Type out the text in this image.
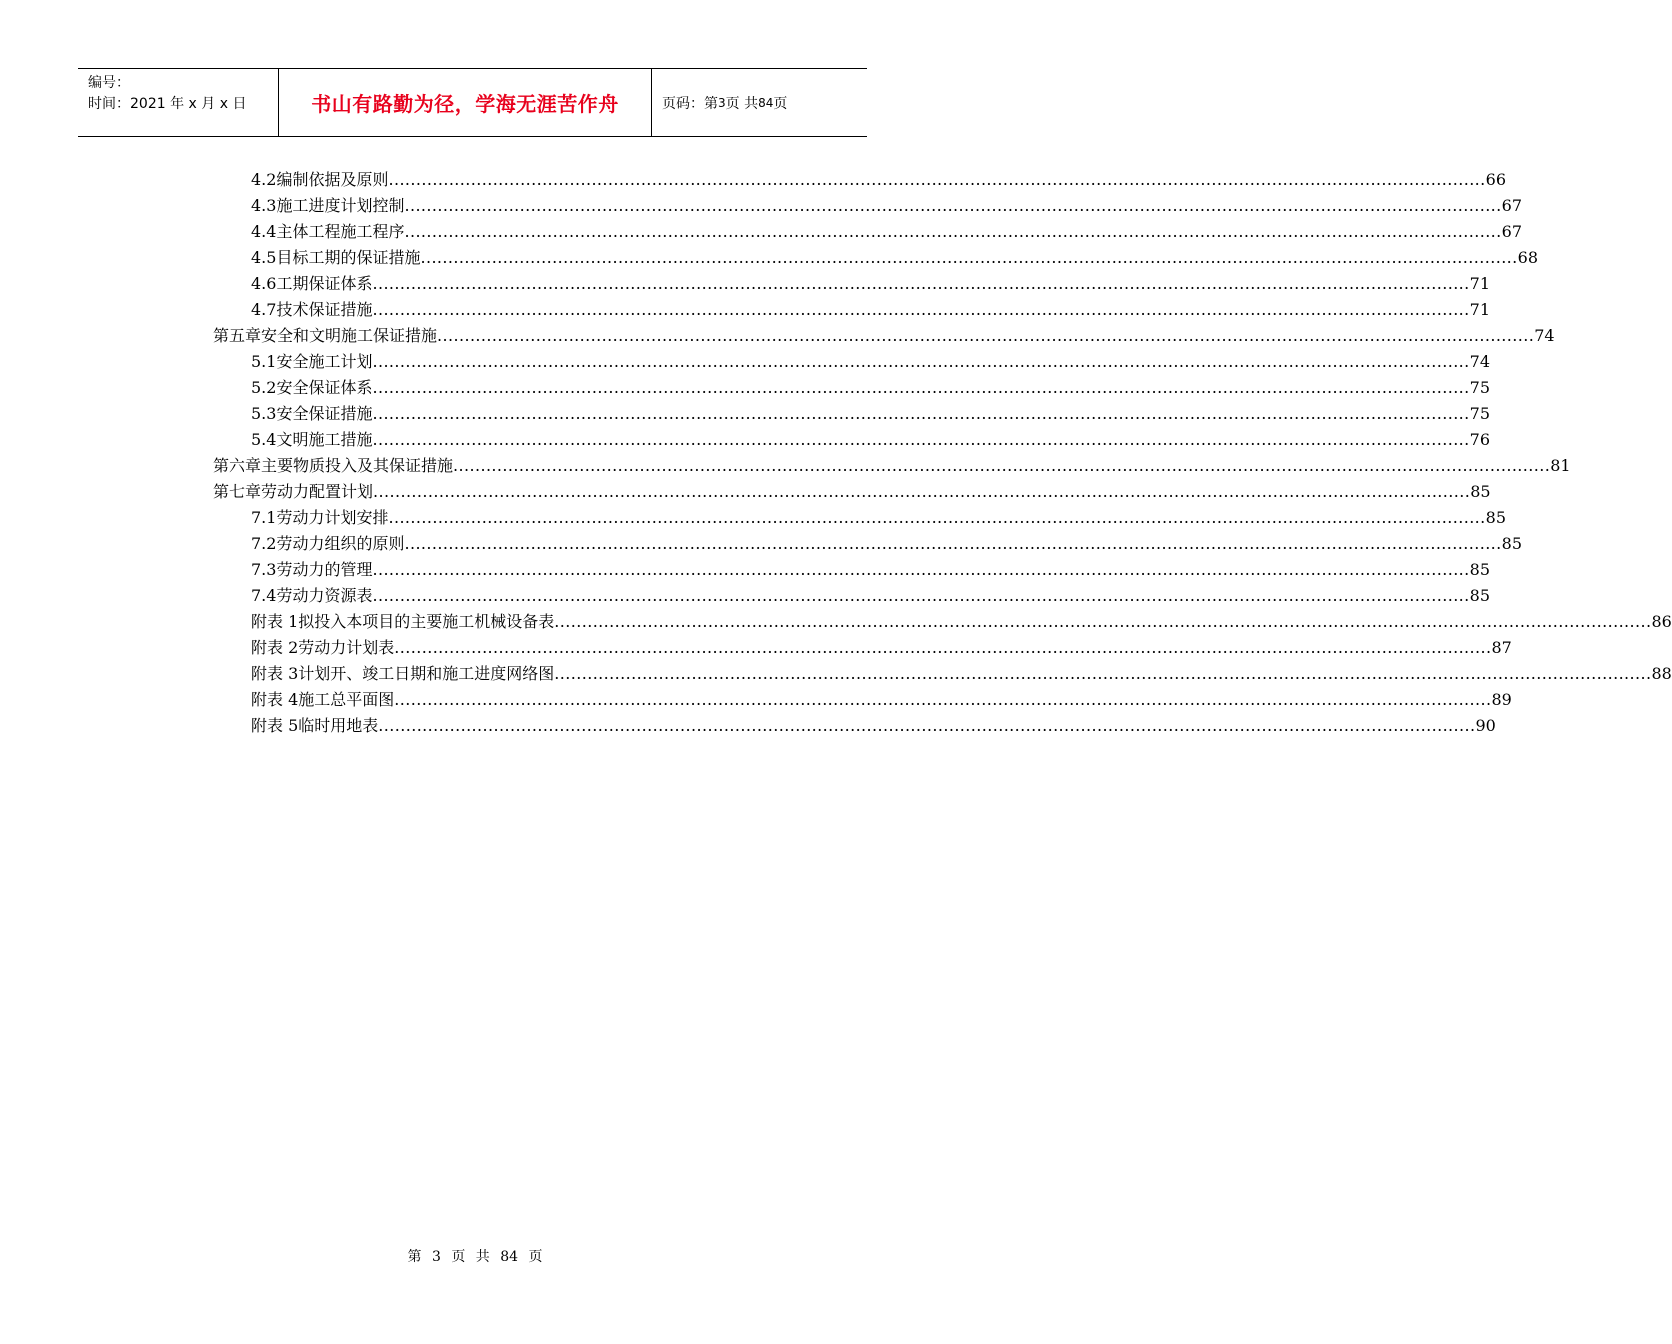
编号：
时间：2021 年 x 月 x 日	书山有路勤为径，学海无涯苦作舟	页码：第 3 页 共 84 页
4.2 编制依据及原则 ........................................................................................................................................................................................................ 66
4.3 施工进度计划控制 ........................................................................................................................................................................................................ 67
4.4 主体工程施工程序 ........................................................................................................................................................................................................ 67
4.5 目标工期的保证措施 ........................................................................................................................................................................................................ 68
4.6 工期保证体系 ........................................................................................................................................................................................................ 71
4.7 技术保证措施 ........................................................................................................................................................................................................ 71
第五章 安全和文明施工保证措施 ........................................................................................................................................................................................................ 74
5.1 安全施工计划 ........................................................................................................................................................................................................ 74
5.2 安全保证体系 ........................................................................................................................................................................................................ 75
5.3 安全保证措施 ........................................................................................................................................................................................................ 75
5.4 文明施工措施 ........................................................................................................................................................................................................ 76
第六章 主要物质投入及其保证措施 ........................................................................................................................................................................................................ 81
第七章 劳动力配置计划 ........................................................................................................................................................................................................ 85
7.1 劳动力计划安排 ........................................................................................................................................................................................................ 85
7.2 劳动力组织的原则 ........................................................................................................................................................................................................ 85
7.3 劳动力的管理 ........................................................................................................................................................................................................ 85
7.4 劳动力资源表 ........................................................................................................................................................................................................ 85
附表 1 拟投入本项目的主要施工机械设备表 ........................................................................................................................................................................................................ 86
附表 2 劳动力计划表 ........................................................................................................................................................................................................ 87
附表 3 计划开、竣工日期和施工进度网络图 ........................................................................................................................................................................................................ 88
附表 4 施工总平面图 ........................................................................................................................................................................................................ 89
附表 5 临时用地表 ........................................................................................................................................................................................................ 90
第 3 页 共 84 页
